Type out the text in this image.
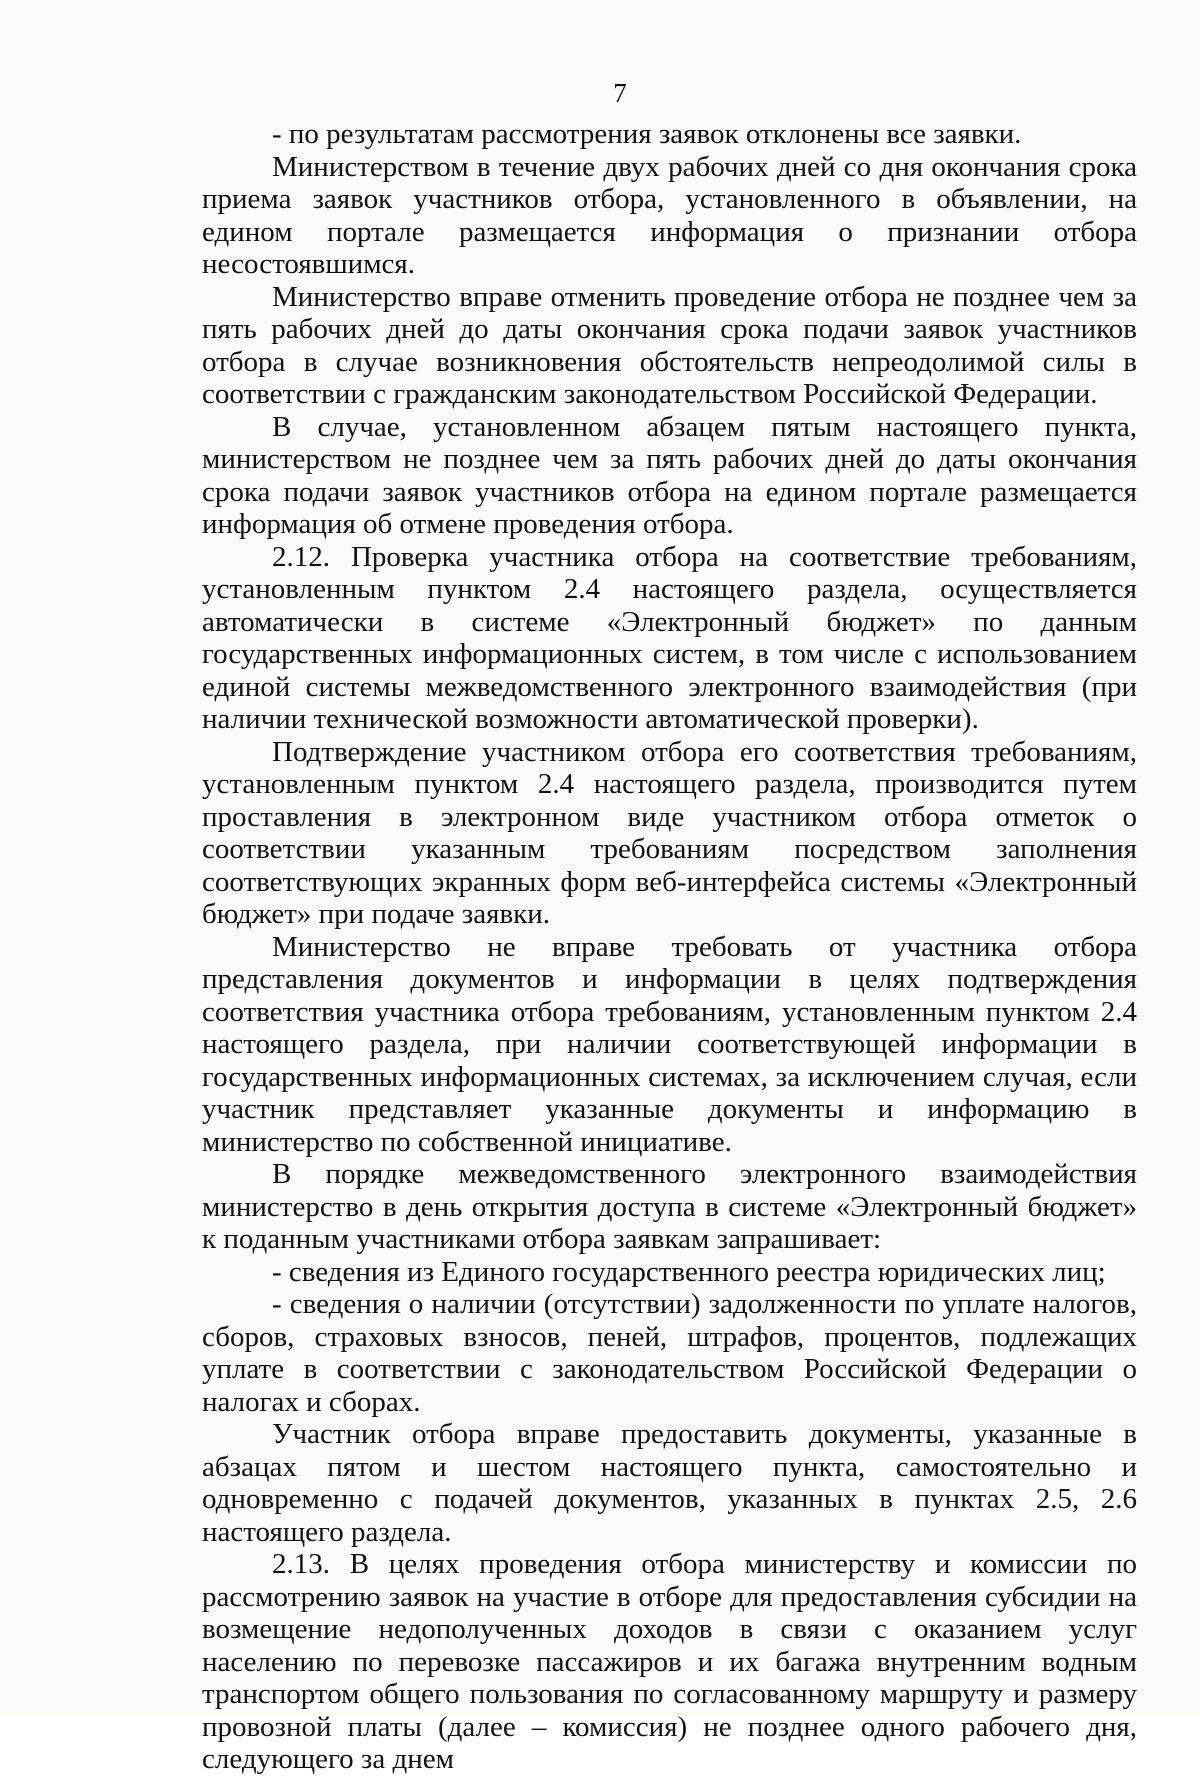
7

- по результатам рассмотрения заявок отклонены все заявки.

Министерством в течение двух рабочих дней со дня окончания срока приема заявок участников отбора, установленного в объявлении, на едином портале размещается информация о признании отбора несостоявшимся.

Министерство вправе отменить проведение отбора не позднее чем за пять рабочих дней до даты окончания срока подачи заявок участников отбора в случае возникновения обстоятельств непреодолимой силы в соответствии с гражданским законодательством Российской Федерации.

В случае, установленном абзацем пятым настоящего пункта, министерством не позднее чем за пять рабочих дней до даты окончания срока подачи заявок участников отбора на едином портале размещается информация об отмене проведения отбора.

2.12. Проверка участника отбора на соответствие требованиям, установленным пунктом 2.4 настоящего раздела, осуществляется автоматически в системе «Электронный бюджет» по данным государственных информационных систем, в том числе с использованием единой системы межведомственного электронного взаимодействия (при наличии технической возможности автоматической проверки).

Подтверждение участником отбора его соответствия требованиям, установленным пунктом 2.4 настоящего раздела, производится путем проставления в электронном виде участником отбора отметок о соответствии указанным требованиям посредством заполнения соответствующих экранных форм веб-интерфейса системы «Электронный бюджет» при подаче заявки.

Министерство не вправе требовать от участника отбора представления документов и информации в целях подтверждения соответствия участника отбора требованиям, установленным пунктом 2.4 настоящего раздела, при наличии соответствующей информации в государственных информационных системах, за исключением случая, если участник представляет указанные документы и информацию в министерство по собственной инициативе.

В порядке межведомственного электронного взаимодействия министерство в день открытия доступа в системе «Электронный бюджет» к поданным участниками отбора заявкам запрашивает:

- сведения из Единого государственного реестра юридических лиц;

- сведения о наличии (отсутствии) задолженности по уплате налогов, сборов, страховых взносов, пеней, штрафов, процентов, подлежащих уплате в соответствии с законодательством Российской Федерации о налогах и сборах.

Участник отбора вправе предоставить документы, указанные в абзацах пятом и шестом настоящего пункта, самостоятельно и одновременно с подачей документов, указанных в пунктах 2.5, 2.6 настоящего раздела.

2.13. В целях проведения отбора министерству и комиссии по рассмотрению заявок на участие в отборе для предоставления субсидии на возмещение недополученных доходов в связи с оказанием услуг населению по перевозке пассажиров и их багажа внутренним водным транспортом общего пользования по согласованному маршруту и размеру провозной платы (далее – комиссия) не позднее одного рабочего дня, следующего за днем
